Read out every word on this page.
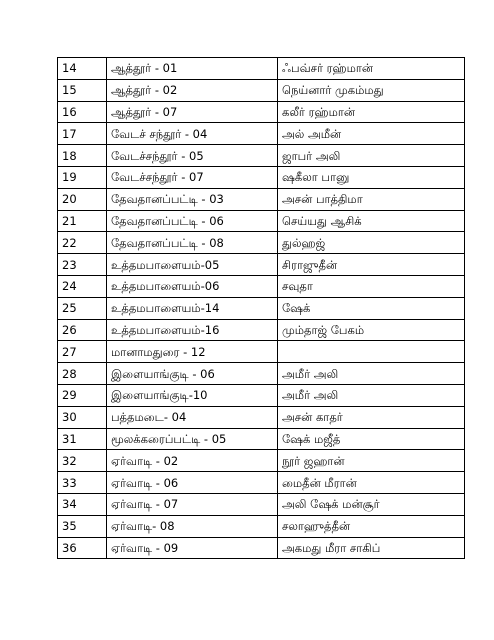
14	ஆத்தூர் - 01	ஃபவ்சர் ரஹ்மான்
15	ஆத்தூர் - 02	நெய்னார் முகம்மது
16	ஆத்தூர் - 07	கலீர் ரஹ்மான்
17	வேடச் சந்தூர் - 04	அல் அமீன்
18	வேடச்சந்தூர் - 05	ஜாபர் அலி
19	வேடச்சந்தூர் - 07	ஷகீலா பானு
20	தேவதானப்பட்டி - 03	அசன் பாத்திமா
21	தேவதானப்பட்டி - 06	செய்யது ஆசிக்
22	தேவதானப்பட்டி - 08	துல்ஹஜ்
23	உத்தமபாளையம்-05	சிராஜுதீன்
24	உத்தமபாளையம்-06	சவுதா
25	உத்தமபாளையம்-14	ஷேக்
26	உத்தமபாளையம்-16	மும்தாஜ் பேகம்
27	மானாமதுரை - 12	
28	இளையாங்குடி - 06	அமீர் அலி
29	இளையாங்குடி-10	அமீர் அலி
30	பத்தமடை- 04	அசன் காதர்
31	மூலக்கரைப்பட்டி - 05	ஷேக் மஜீத்
32	ஏர்வாடி - 02	நூர் ஜஹான்
33	ஏர்வாடி - 06	மைதீன் மீரான்
34	ஏர்வாடி - 07	அலி ஷேக் மன்சூர்
35	ஏர்வாடி- 08	சலாஹுத்தீன்
36	ஏர்வாடி - 09	அகமது மீரா சாகிப்
